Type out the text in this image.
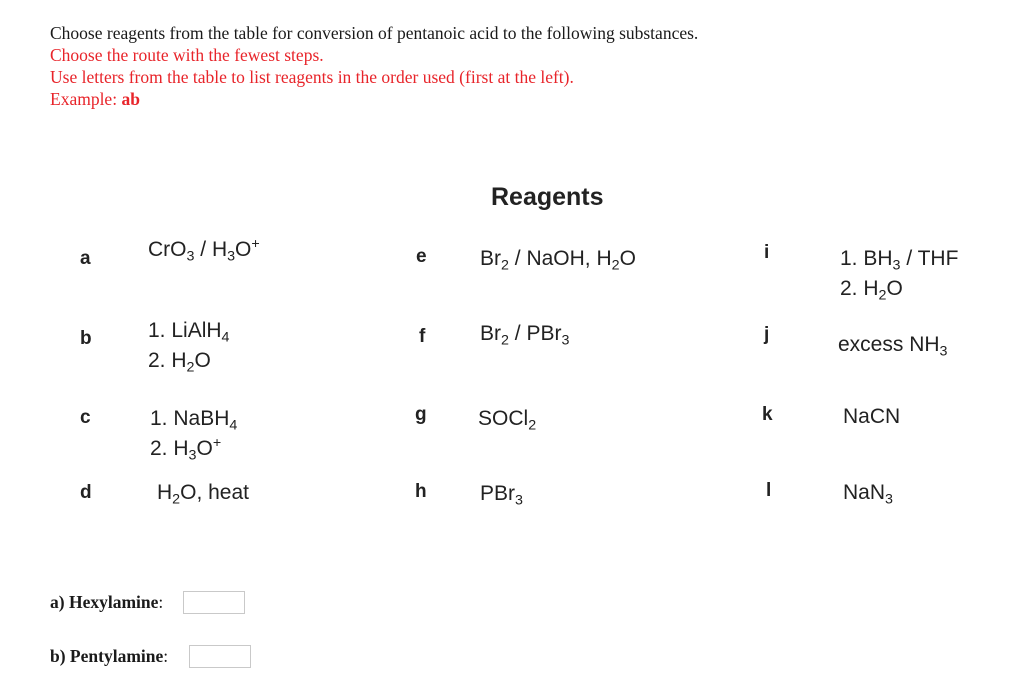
Choose reagents from the table for conversion of pentanoic acid to the following substances.
Choose the route with the fewest steps.
Use letters from the table to list reagents in the order used (first at the left).
Example: ab
Reagents
a	$CrO_3 / H_3O^+$
b	1. LiAlH$_4$
2. $H_2O$
c	1. NaBH$_4$
2. $H_3O^+$
d	$H_2O$, heat
e	$Br_2$ / NaOH, $H_2O$
f	$Br_2 / PBr_3$
g SOCl$_2$
h	PBr$_3$
i	1. $BH_3$ / THF
2. $H_2O$
j	excess $NH_3$
k	NaCN
l	NaN$_3$
a) Hexylamine:
b) Pentylamine:
